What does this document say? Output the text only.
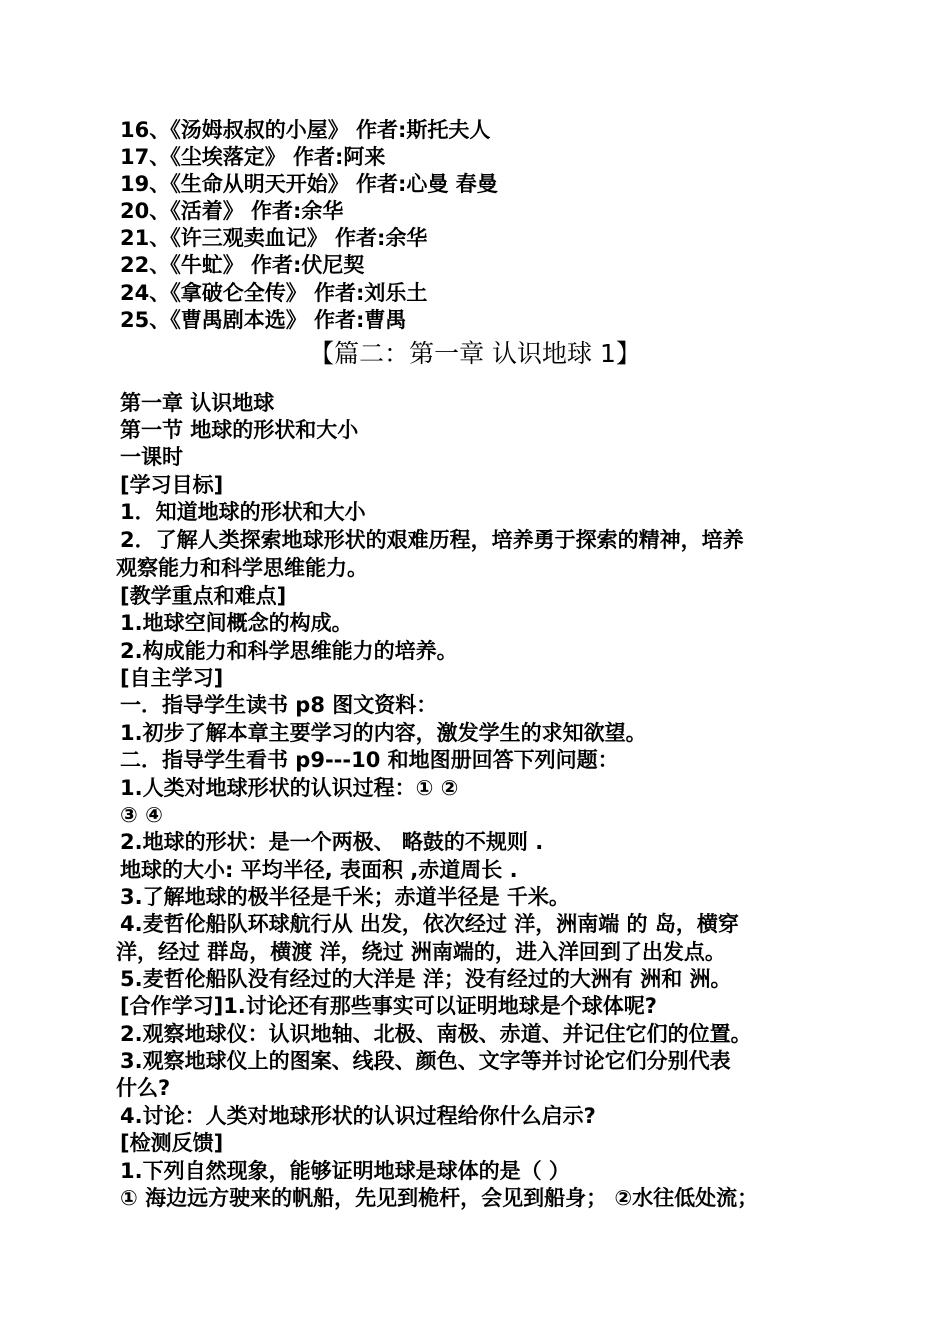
16、《汤姆叔叔的小屋》 作者:斯托夫人
17、《尘埃落定》 作者:阿来
19、《生命从明天开始》 作者:心曼 春曼
20、《活着》 作者:余华
21、《许三观卖血记》 作者:余华
22、《牛虻》 作者:伏尼契
24、《拿破仑全传》 作者:刘乐土
25、《曹禺剧本选》 作者:曹禺
【篇二：第一章 认识地球 1】
第一章 认识地球
第一节 地球的形状和大小
一课时
[学习目标]
1．知道地球的形状和大小
2．了解人类探索地球形状的艰难历程，培养勇于探索的精神，培养
观察能力和科学思维能力。
[教学重点和难点]
1.地球空间概念的构成。
2.构成能力和科学思维能力的培养。
[自主学习]
一．指导学生读书 p8 图文资料：
1.初步了解本章主要学习的内容，激发学生的求知欲望。
二．指导学生看书 p9---10 和地图册回答下列问题：
1.人类对地球形状的认识过程：① ②
③ ④
2.地球的形状：是一个两极、 略鼓的不规则 .
地球的大小: 平均半径, 表面积 ,赤道周长 .
3.了解地球的极半径是千米；赤道半径是 千米。
4.麦哲伦船队环球航行从 出发，依次经过 洋，洲南端 的 岛，横穿
洋，经过 群岛，横渡 洋，绕过 洲南端的，进入洋回到了出发点。
5.麦哲伦船队没有经过的大洋是 洋；没有经过的大洲有 洲和 洲。
[合作学习]1.讨论还有那些事实可以证明地球是个球体呢?
2.观察地球仪：认识地轴、北极、南极、赤道、并记住它们的位置。
3.观察地球仪上的图案、线段、颜色、文字等并讨论它们分别代表
什么?
4.讨论：人类对地球形状的认识过程给你什么启示?
[检测反馈]
1.下列自然现象，能够证明地球是球体的是（ ）
① 海边远方驶来的帆船，先见到桅杆，会见到船身； ②水往低处流；
